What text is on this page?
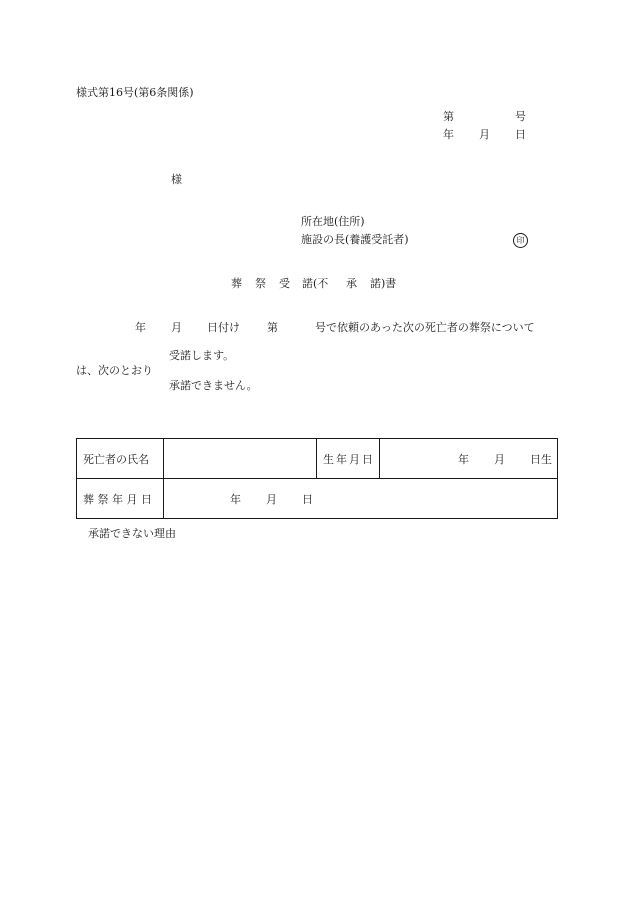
様式第16号(第6条関係)
第	号
年 月 日
様
所在地(住所)
施設の長(養護受託者)	印
葬 祭 受 諾(不 承 諾)書
年 月 日付け 第	号で依頼のあった次の死亡者の葬祭について
受諾します。
は、次のとおり
承諾できません。
死亡者の氏名		生年月日	年 月 日生

葬 祭 年 月 日	年 月 日		
承諾できない理由
